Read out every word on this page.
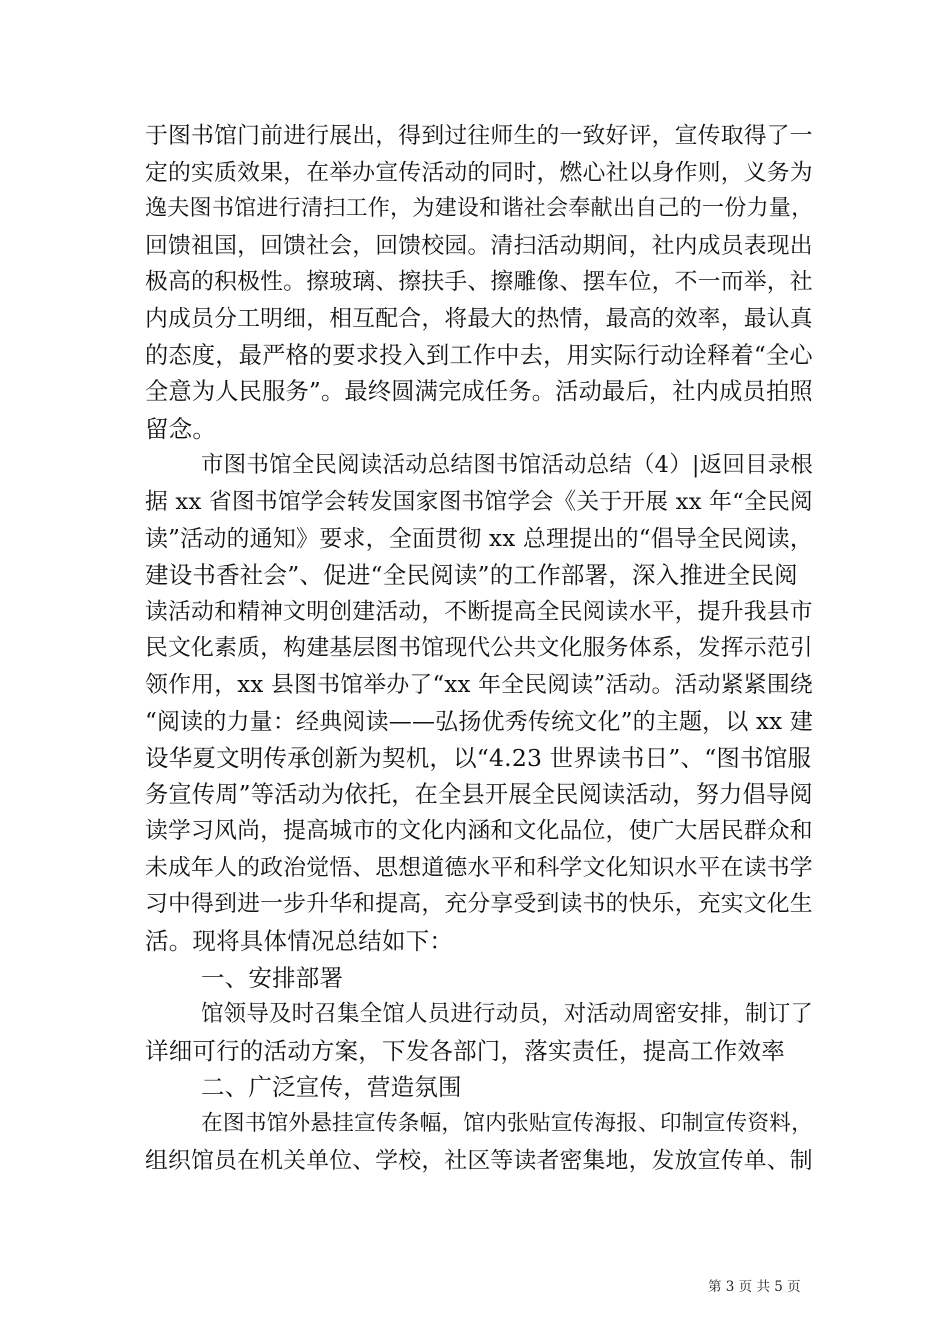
于图书馆门前进行展出，得到过往师生的一致好评，宣传取得了一
定的实质效果，在举办宣传活动的同时，燃心社以身作则，义务为
逸夫图书馆进行清扫工作，为建设和谐社会奉献出自己的一份力量，
回馈祖国，回馈社会，回馈校园。清扫活动期间，社内成员表现出
极高的积极性。擦玻璃、擦扶手、擦雕像、摆车位，不一而举，社
内成员分工明细，相互配合，将最大的热情，最高的效率，最认真
的态度，最严格的要求投入到工作中去，用实际行动诠释着“全心
全意为人民服务”。最终圆满完成任务。活动最后，社内成员拍照
留念。
市图书馆全民阅读活动总结图书馆活动总结（4）|返回目录根
据 xx 省图书馆学会转发国家图书馆学会《关于开展 xx 年“全民阅
读”活动的通知》要求，全面贯彻 xx 总理提出的“倡导全民阅读，
建设书香社会”、促进“全民阅读”的工作部署，深入推进全民阅
读活动和精神文明创建活动，不断提高全民阅读水平，提升我县市
民文化素质，构建基层图书馆现代公共文化服务体系，发挥示范引
领作用，xx 县图书馆举办了“xx 年全民阅读”活动。活动紧紧围绕
“阅读的力量：经典阅读——弘扬优秀传统文化”的主题，以 xx 建
设华夏文明传承创新为契机，以“4.23 世界读书日”、“图书馆服
务宣传周”等活动为依托，在全县开展全民阅读活动，努力倡导阅
读学习风尚，提高城市的文化内涵和文化品位，使广大居民群众和
未成年人的政治觉悟、思想道德水平和科学文化知识水平在读书学
习中得到进一步升华和提高，充分享受到读书的快乐，充实文化生
活。现将具体情况总结如下：
一、安排部署
馆领导及时召集全馆人员进行动员，对活动周密安排，制订了
详细可行的活动方案，下发各部门，落实责任，提高工作效率
二、广泛宣传，营造氛围
在图书馆外悬挂宣传条幅，馆内张贴宣传海报、印制宣传资料，
组织馆员在机关单位、学校，社区等读者密集地，发放宣传单、制
第 3 页 共 5 页
